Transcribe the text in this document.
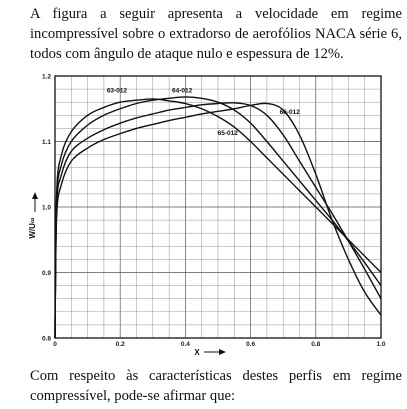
A figura a seguir apresenta a velocidade em regime incompressível sobre o extradorso de aerofólios NACA série 6, todos com ângulo de ataque nulo e espessura de 12%.

0	0.2	0.4	0.6	0.8	1.0
0.8
0.9
1.0
1.1
1.2
63-012	64-012
65-012
66-012
W/U∞
X

Com respeito às características destes perfis em regime compressível, pode-se afirmar que:
